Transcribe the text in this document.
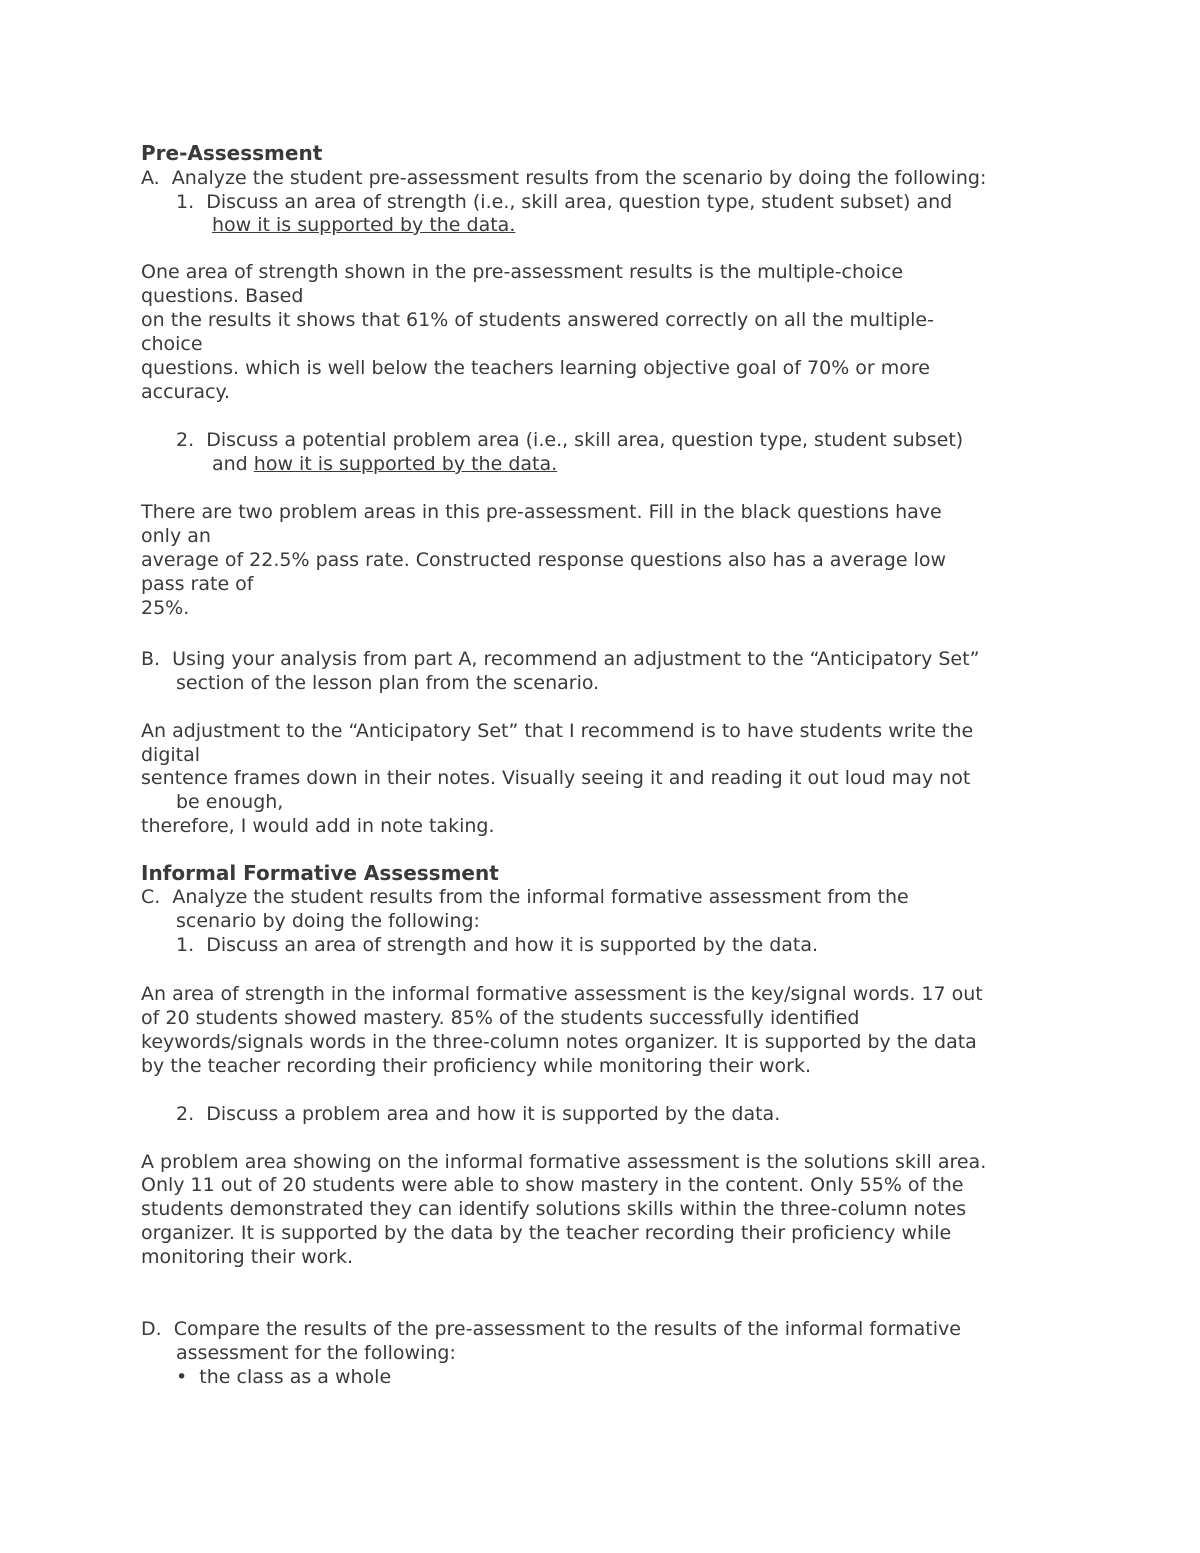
Pre-Assessment
A.  Analyze the student pre-assessment results from the scenario by doing the following:
1.  Discuss an area of strength (i.e., skill area, question type, student subset) and
how it is supported by the data.
One area of strength shown in the pre-assessment results is the multiple-choice
questions. Based
on the results it shows that 61% of students answered correctly on all the multiple-
choice
questions. which is well below the teachers learning objective goal of 70% or more
accuracy.
2.  Discuss a potential problem area (i.e., skill area, question type, student subset)
and how it is supported by the data.
There are two problem areas in this pre-assessment. Fill in the black questions have
only an
average of 22.5% pass rate. Constructed response questions also has a average low
pass rate of
25%.
B.  Using your analysis from part A, recommend an adjustment to the “Anticipatory Set”
section of the lesson plan from the scenario.
An adjustment to the “Anticipatory Set” that I recommend is to have students write the
digital
sentence frames down in their notes. Visually seeing it and reading it out loud may not
be enough,
therefore, I would add in note taking.
Informal Formative Assessment
C.  Analyze the student results from the informal formative assessment from the
scenario by doing the following:
1.  Discuss an area of strength and how it is supported by the data.
An area of strength in the informal formative assessment is the key/signal words. 17 out
of 20 students showed mastery. 85% of the students successfully identified
keywords/signals words in the three-column notes organizer. It is supported by the data
by the teacher recording their proficiency while monitoring their work.
2.  Discuss a problem area and how it is supported by the data.
A problem area showing on the informal formative assessment is the solutions skill area.
Only 11 out of 20 students were able to show mastery in the content. Only 55% of the
students demonstrated they can identify solutions skills within the three-column notes
organizer. It is supported by the data by the teacher recording their proficiency while
monitoring their work.
D.  Compare the results of the pre-assessment to the results of the informal formative
assessment for the following:
•  the class as a whole
